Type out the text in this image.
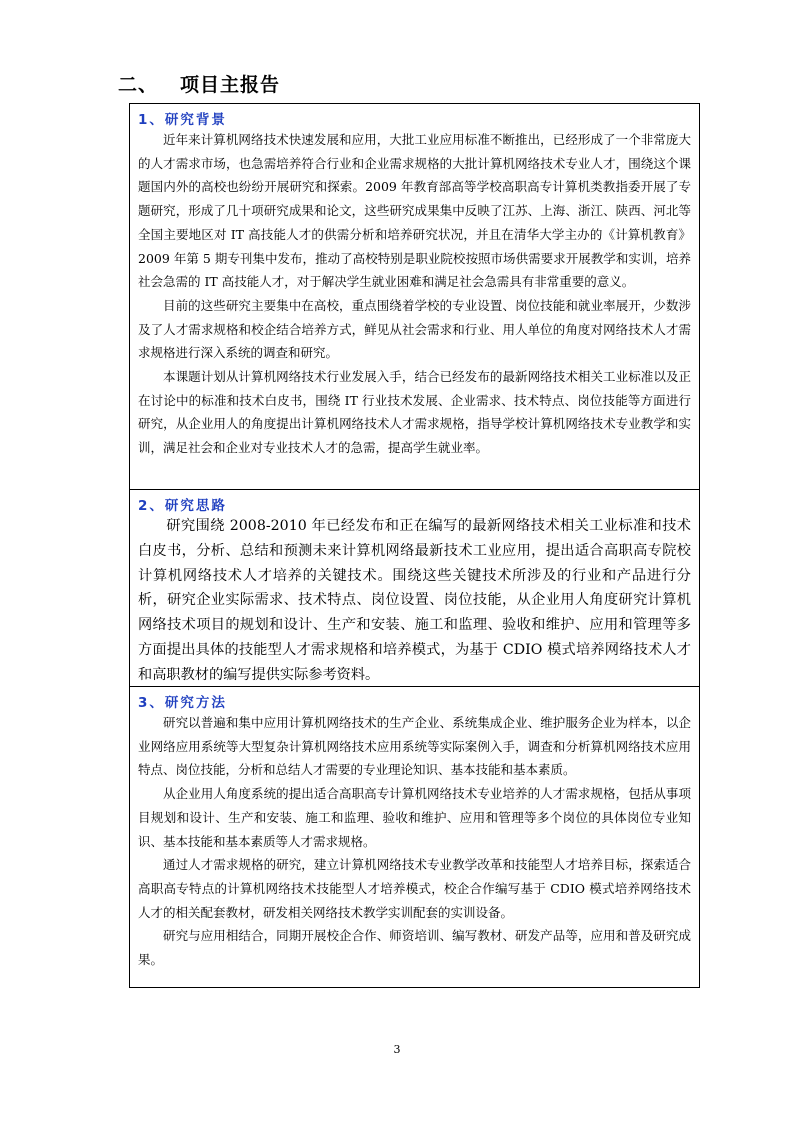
二、 项目主报告
1、研究背景

近年来计算机网络技术快速发展和应用，大批工业应用标准不断推出，已经形成了一个非常庞大的人才需求市场，也急需培养符合行业和企业需求规格的大批计算机网络技术专业人才，围绕这个课题国内外的高校也纷纷开展研究和探索。2009 年教育部高等学校高职高专计算机类教指委开展了专题研究，形成了几十项研究成果和论文，这些研究成果集中反映了江苏、上海、浙江、陕西、河北等全国主要地区对 IT 高技能人才的供需分析和培养研究状况，并且在清华大学主办的《计算机教育》2009 年第 5 期专刊集中发布，推动了高校特别是职业院校按照市场供需要求开展教学和实训，培养社会急需的 IT 高技能人才，对于解决学生就业困难和满足社会急需具有非常重要的意义。

目前的这些研究主要集中在高校，重点围绕着学校的专业设置、岗位技能和就业率展开，少数涉及了人才需求规格和校企结合培养方式，鲜见从社会需求和行业、用人单位的角度对网络技术人才需求规格进行深入系统的调查和研究。

本课题计划从计算机网络技术行业发展入手，结合已经发布的最新网络技术相关工业标准以及正在讨论中的标准和技术白皮书，围绕 IT 行业技术发展、企业需求、技术特点、岗位技能等方面进行研究，从企业用人的角度提出计算机网络技术人才需求规格，指导学校计算机网络技术专业教学和实训，满足社会和企业对专业技术人才的急需，提高学生就业率。

2、研究思路

研究围绕 2008-2010 年已经发布和正在编写的最新网络技术相关工业标准和技术白皮书，分析、总结和预测未来计算机网络最新技术工业应用，提出适合高职高专院校计算机网络技术人才培养的关键技术。围绕这些关键技术所涉及的行业和产品进行分析，研究企业实际需求、技术特点、岗位设置、岗位技能，从企业用人角度研究计算机网络技术项目的规划和设计、生产和安装、施工和监理、验收和维护、应用和管理等多方面提出具体的技能型人才需求规格和培养模式，为基于 CDIO 模式培养网络技术人才和高职教材的编写提供实际参考资料。

3、研究方法

研究以普遍和集中应用计算机网络技术的生产企业、系统集成企业、维护服务企业为样本，以企业网络应用系统等大型复杂计算机网络技术应用系统等实际案例入手，调查和分析算机网络技术应用特点、岗位技能，分析和总结人才需要的专业理论知识、基本技能和基本素质。

从企业用人角度系统的提出适合高职高专计算机网络技术专业培养的人才需求规格，包括从事项目规划和设计、生产和安装、施工和监理、验收和维护、应用和管理等多个岗位的具体岗位专业知识、基本技能和基本素质等人才需求规格。

通过人才需求规格的研究，建立计算机网络技术专业教学改革和技能型人才培养目标，探索适合高职高专特点的计算机网络技术技能型人才培养模式，校企合作编写基于 CDIO 模式培养网络技术人才的相关配套教材，研发相关网络技术教学实训配套的实训设备。

研究与应用相结合，同期开展校企合作、师资培训、编写教材、研发产品等，应用和普及研究成果。

3
